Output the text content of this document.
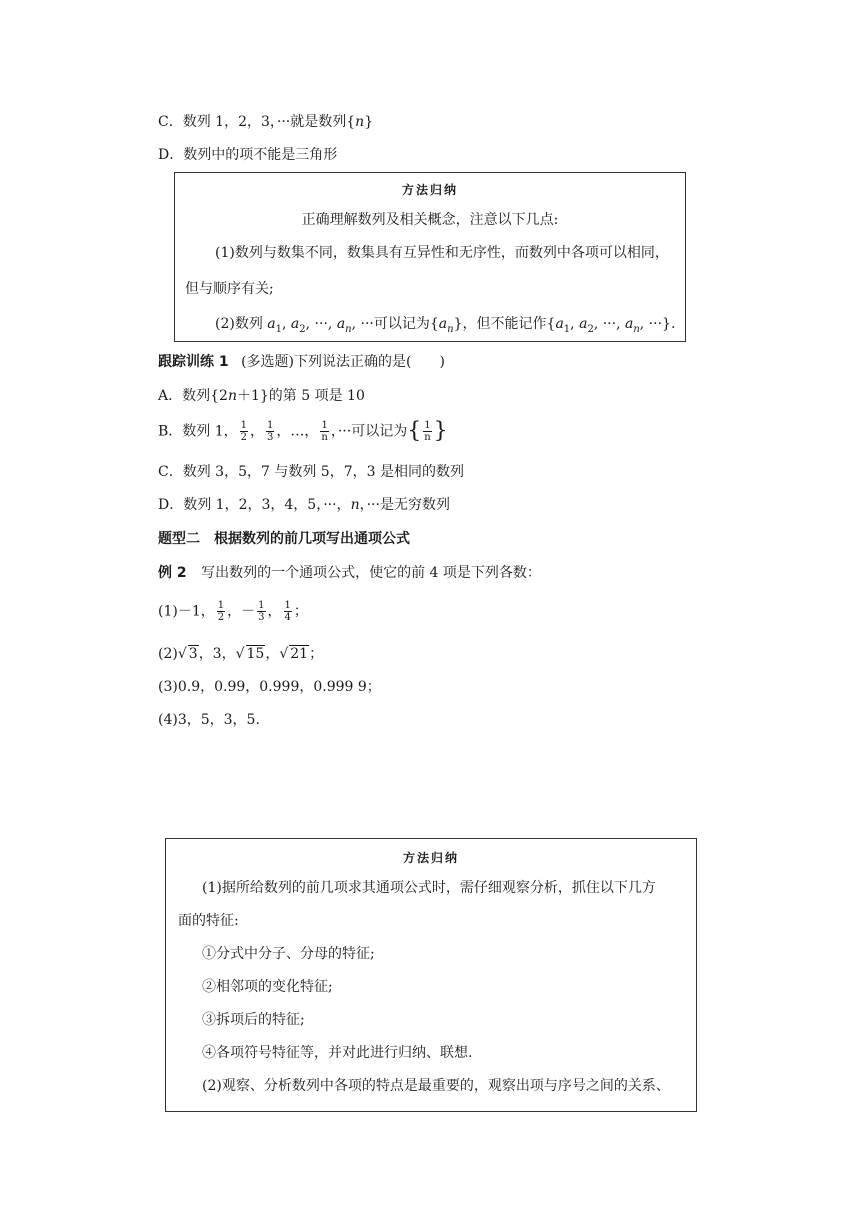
C．数列 1，2，3，···就是数列{n}
D．数列中的项不能是三角形
方法归纳

正确理解数列及相关概念，注意以下几点:

(1)数列与数集不同，数集具有互异性和无序性，而数列中各项可以相同，

但与顺序有关;

(2)数列 $a_1$, $a_2$, ···, $a_n$, ···可以记为$\{a_n\}$，但不能记作{$a_1$, $a_2$, ···, $a_n$, ···}.

跟踪训练 1 (多选题)下列说法正确的是(　　)
A．数列{2n＋1}的第 5 项是 10
B．数列 1， $\frac{1}{2}$ ， $\frac{1}{3}$ ，…， $\frac{1}{n}$ ，···可以记为{ $\frac{1}{n}$ }
C．数列 3，5，7 与数列 5，7，3 是相同的数列
D．数列 1，2，3，4，5，···，n，···是无穷数列
题型二　根据数列的前几项写出通项公式
例 2 写出数列的一个通项公式，使它的前 4 项是下列各数：
(1)－1， $\frac{1}{2}$ ，－ $\frac{1}{3}$ ， $\frac{1}{4}$ ；
(2)√ 3，3，√ 15，√ 21；
(3)0.9，0.99，0.999，0.999 9；
(4)3，5，3，5.
方法归纳

(1)据所给数列的前几项求其通项公式时，需仔细观察分析，抓住以下几方

面的特征:

①分式中分子、分母的特征;

②相邻项的变化特征;

③拆项后的特征;

④各项符号特征等，并对此进行归纳、联想.

(2)观察、分析数列中各项的特点是最重要的，观察出项与序号之间的关系、
